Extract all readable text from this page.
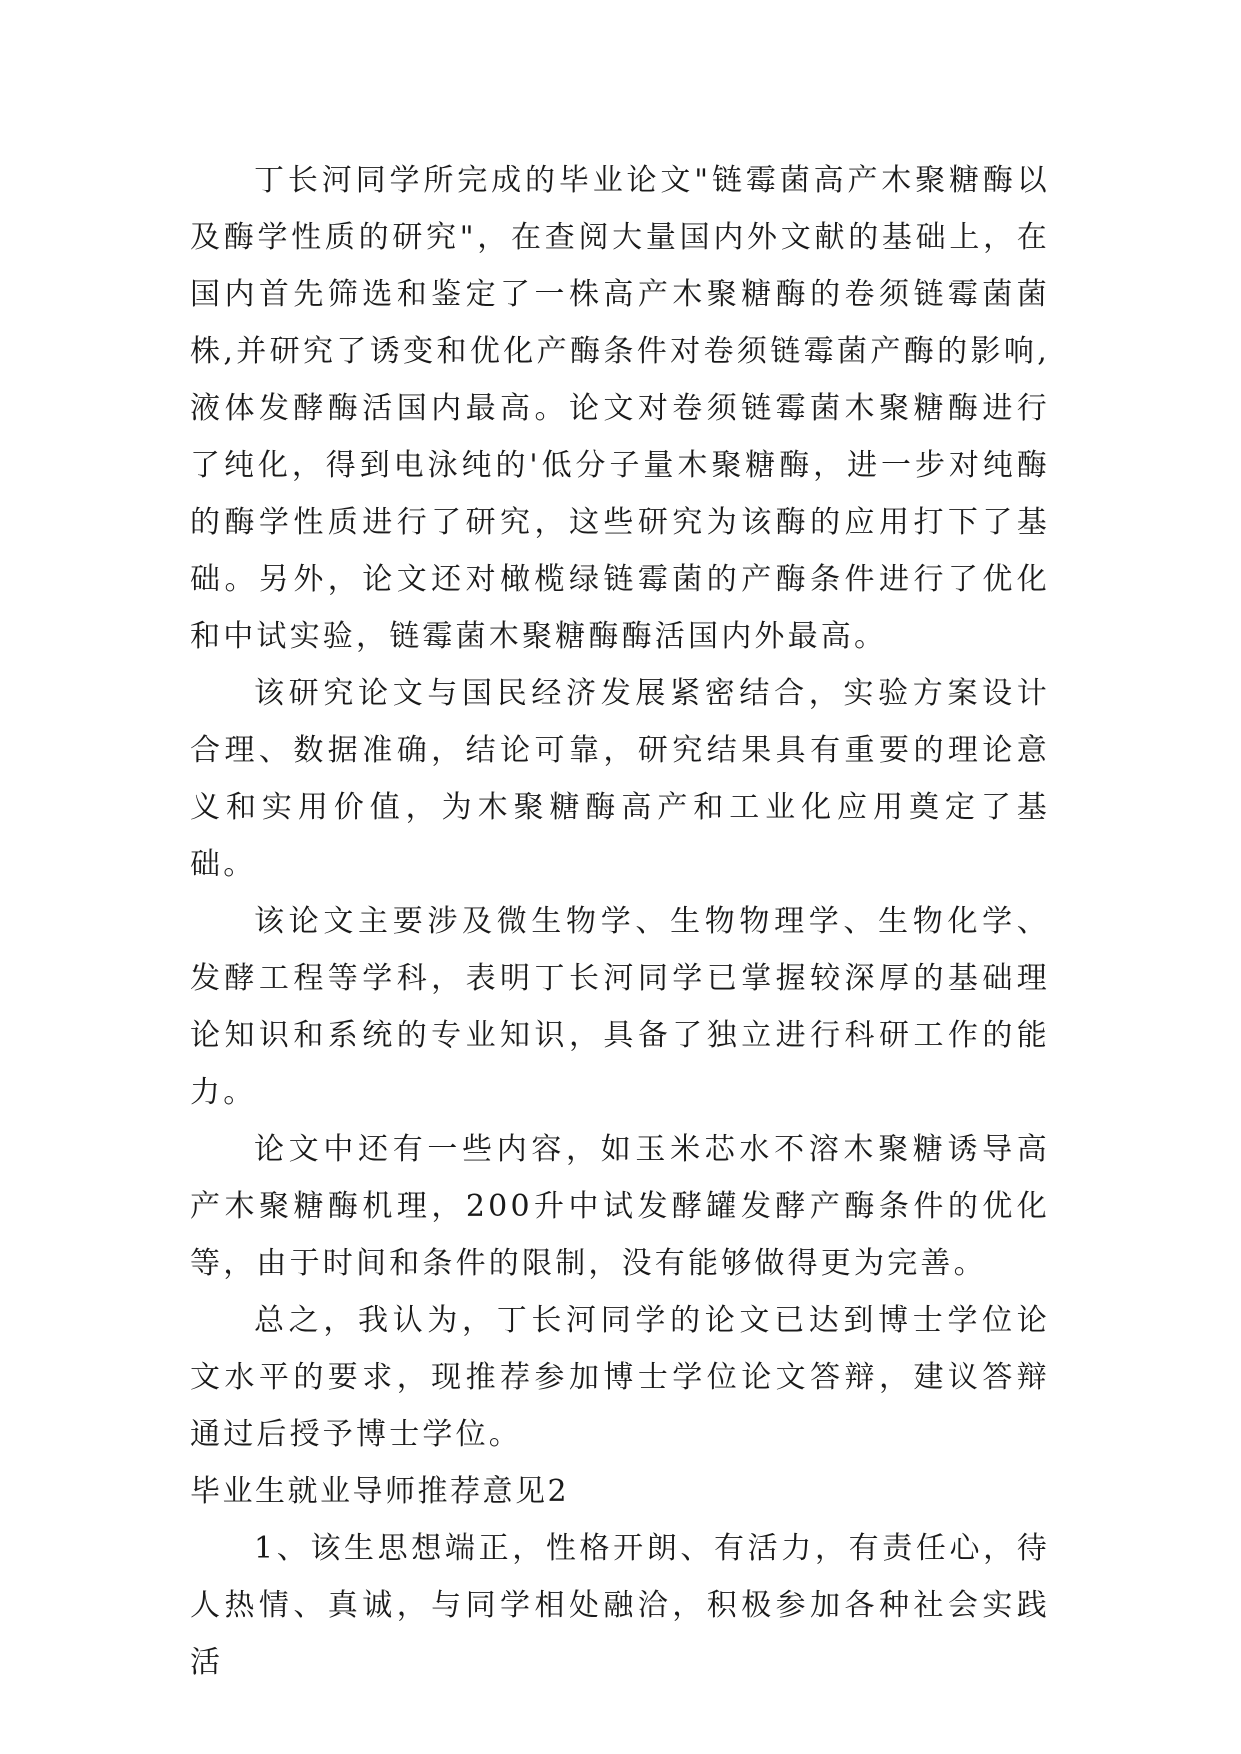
丁长河同学所完成的毕业论文"链霉菌高产木聚糖酶以及酶学性质的研究"，在查阅大量国内外文献的基础上，在国内首先筛选和鉴定了一株高产木聚糖酶的卷须链霉菌菌株,并研究了诱变和优化产酶条件对卷须链霉菌产酶的影响,液体发酵酶活国内最高。论文对卷须链霉菌木聚糖酶进行了纯化，得到电泳纯的'低分子量木聚糖酶，进一步对纯酶的酶学性质进行了研究，这些研究为该酶的应用打下了基础。另外，论文还对橄榄绿链霉菌的产酶条件进行了优化和中试实验，链霉菌木聚糖酶酶活国内外最高。

该研究论文与国民经济发展紧密结合，实验方案设计合理、数据准确，结论可靠，研究结果具有重要的理论意义和实用价值，为木聚糖酶高产和工业化应用奠定了基础。

该论文主要涉及微生物学、生物物理学、生物化学、发酵工程等学科，表明丁长河同学已掌握较深厚的基础理论知识和系统的专业知识，具备了独立进行科研工作的能力。

论文中还有一些内容，如玉米芯水不溶木聚糖诱导高产木聚糖酶机理，200升中试发酵罐发酵产酶条件的优化等，由于时间和条件的限制，没有能够做得更为完善。

总之，我认为，丁长河同学的论文已达到博士学位论文水平的要求，现推荐参加博士学位论文答辩，建议答辩通过后授予博士学位。

毕业生就业导师推荐意见2

1、该生思想端正，性格开朗、有活力，有责任心，待人热情、真诚，与同学相处融洽，积极参加各种社会实践活
